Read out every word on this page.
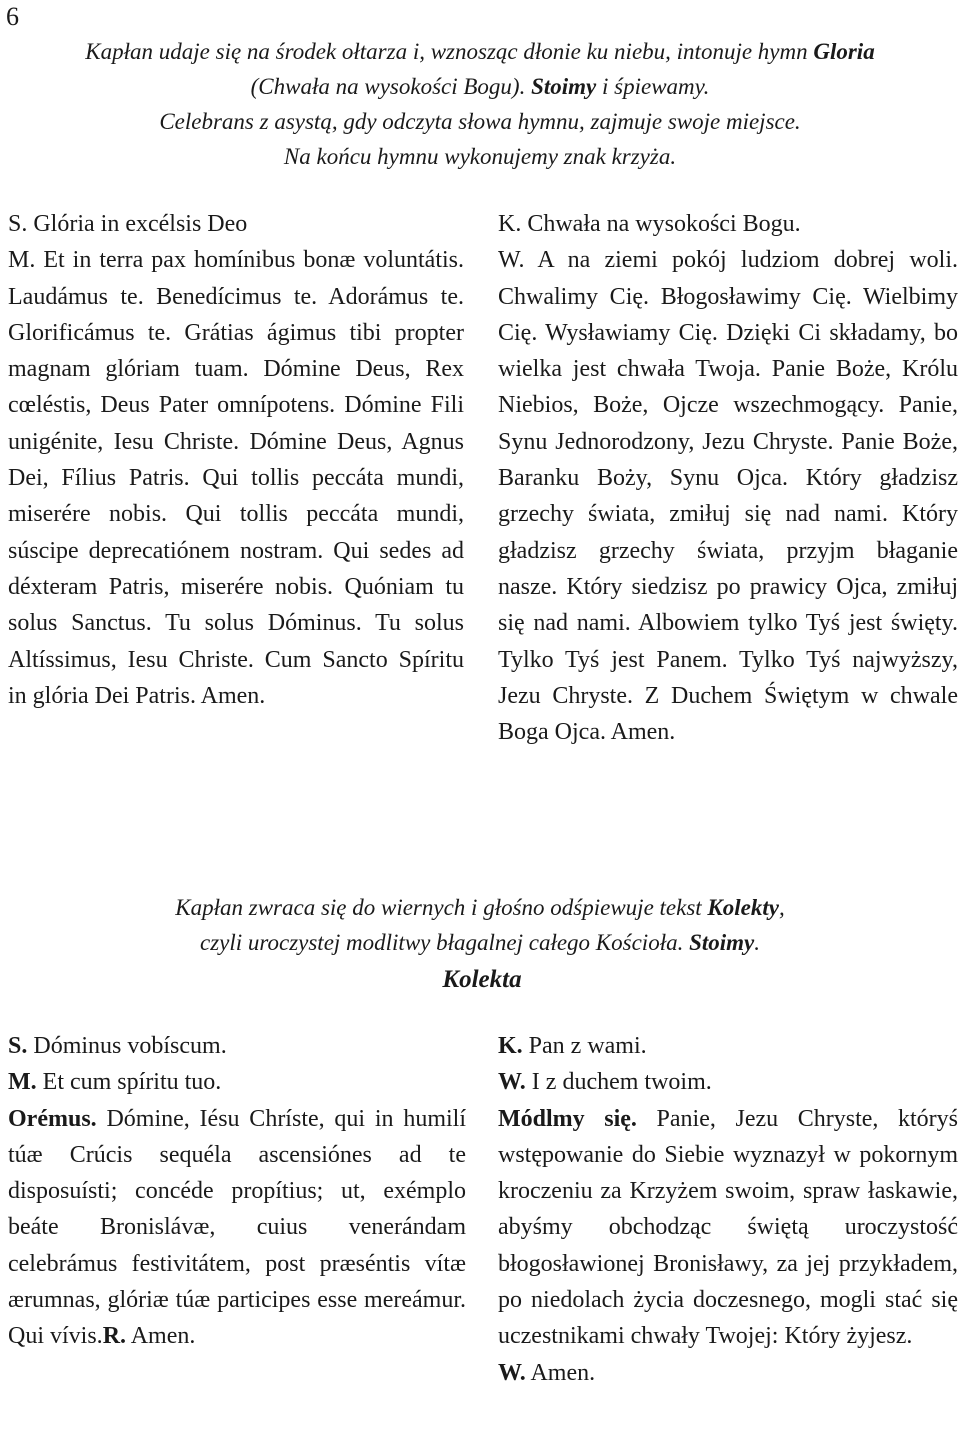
6
Kapłan udaje się na środek ołtarza i, wznosząc dłonie ku niebu, intonuje hymn Gloria
(Chwała na wysokości Bogu). Stoimy i śpiewamy.
Celebrans z asystą, gdy odczyta słowa hymnu, zajmuje swoje miejsce.
Na końcu hymnu wykonujemy znak krzyża.

S. Glória in excélsis Deo

M. Et in terra pax homínibus bonæ voluntátis. Laudámus te. Benedícimus te. Adorámus te. Glorificámus te. Grátias ágimus tibi propter magnam glóriam tuam. Dómine Deus, Rex cœléstis, Deus Pater omnípotens. Dómine Fili unigénite, Iesu Christe. Dómine Deus, Agnus Dei, Fílius Patris. Qui tollis peccáta mundi, miserére nobis. Qui tollis peccáta mundi, súscipe deprecatiónem nostram. Qui sedes ad déxteram Patris, miserére nobis. Quóniam tu solus Sanctus. Tu solus Dóminus. Tu solus Altíssimus, Iesu Christe. Cum Sancto Spíritu in glória Dei Patris. Amen.

K. Chwała na wysokości Bogu.

W. A na ziemi pokój ludziom dobrej woli. Chwalimy Cię. Błogosławimy Cię. Wielbimy Cię. Wysławiamy Cię. Dzięki Ci składamy, bo wielka jest chwała Twoja. Panie Boże, Królu Niebios, Boże, Ojcze wszechmogący. Panie, Synu Jednorodzony, Jezu Chryste. Panie Boże, Baranku Boży, Synu Ojca. Który gładzisz grzechy świata, zmiłuj się nad nami. Który gładzisz grzechy świata, przyjm błaganie nasze. Który siedzisz po prawicy Ojca, zmiłuj się nad nami. Albowiem tylko Tyś jest święty. Tylko Tyś jest Panem. Tylko Tyś najwyższy, Jezu Chryste. Z Duchem Świętym w chwale Boga Ojca. Amen.

Kapłan zwraca się do wiernych i głośno odśpiewuje tekst Kolekty,
czyli uroczystej modlitwy błagalnej całego Kościoła. Stoimy.
Kolekta

S. Dóminus vobíscum.

M. Et cum spíritu tuo.

Orémus. Dómine, Iésu Chríste, qui in humilí túæ Crúcis sequéla ascensiónes ad te disposuísti; concéde propítius; ut, exémplo beáte Bronislávæ, cuius venerándam celebrámus festivitátem, post præséntis vítæ ærumnas, glóriæ túæ participes esse mereámur. Qui vívis.R. Amen.

K. Pan z wami.

W. I z duchem twoim.

Módlmy się. Panie, Jezu Chryste, któryś wstępowanie do Siebie wyznazył w pokornym kroczeniu za Krzyżem swoim, spraw łaskawie, abyśmy obchodząc świętą uroczystość błogosławionej Bronisławy, za jej przykładem, po niedolach życia doczesnego, mogli stać się uczestnikami chwały Twojej: Który żyjesz.

W. Amen.
